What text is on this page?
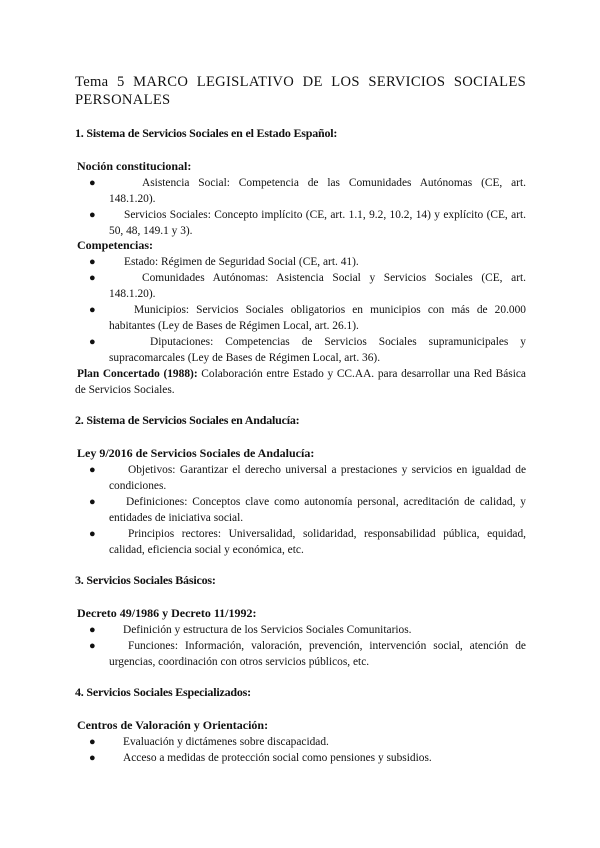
Tema 5 MARCO LEGISLATIVO DE LOS SERVICIOS SOCIALES
PERSONALES
1. Sistema de Servicios Sociales en el Estado Español:
Noción constitucional:
●	Asistencia Social: Competencia de las Comunidades Autónomas (CE, art. 148.1.20).
●	Servicios Sociales: Concepto implícito (CE, art. 1.1, 9.2, 10.2, 14) y explícito (CE, art. 50, 48, 149.1 y 3).
Competencias:
●	Estado: Régimen de Seguridad Social (CE, art. 41).
●	Comunidades Autónomas: Asistencia Social y Servicios Sociales (CE, art. 148.1.20).
●	Municipios: Servicios Sociales obligatorios en municipios con más de 20.000 habitantes (Ley de Bases de Régimen Local, art. 26.1).
●	Diputaciones: Competencias de Servicios Sociales supramunicipales y supracomarcales (Ley de Bases de Régimen Local, art. 36).
Plan Concertado (1988): Colaboración entre Estado y CC.AA. para desarrollar una Red Básica de Servicios Sociales.
2. Sistema de Servicios Sociales en Andalucía:
Ley 9/2016 de Servicios Sociales de Andalucía:
●	Objetivos: Garantizar el derecho universal a prestaciones y servicios en igualdad de condiciones.
●	Definiciones: Conceptos clave como autonomía personal, acreditación de calidad, y entidades de iniciativa social.
●	Principios rectores: Universalidad, solidaridad, responsabilidad pública, equidad, calidad, eficiencia social y económica, etc.
3. Servicios Sociales Básicos:
Decreto 49/1986 y Decreto 11/1992:
●	Definición y estructura de los Servicios Sociales Comunitarios.
●	Funciones: Información, valoración, prevención, intervención social, atención de urgencias, coordinación con otros servicios públicos, etc.
4. Servicios Sociales Especializados:
Centros de Valoración y Orientación:
●	Evaluación y dictámenes sobre discapacidad.
●	Acceso a medidas de protección social como pensiones y subsidios.
